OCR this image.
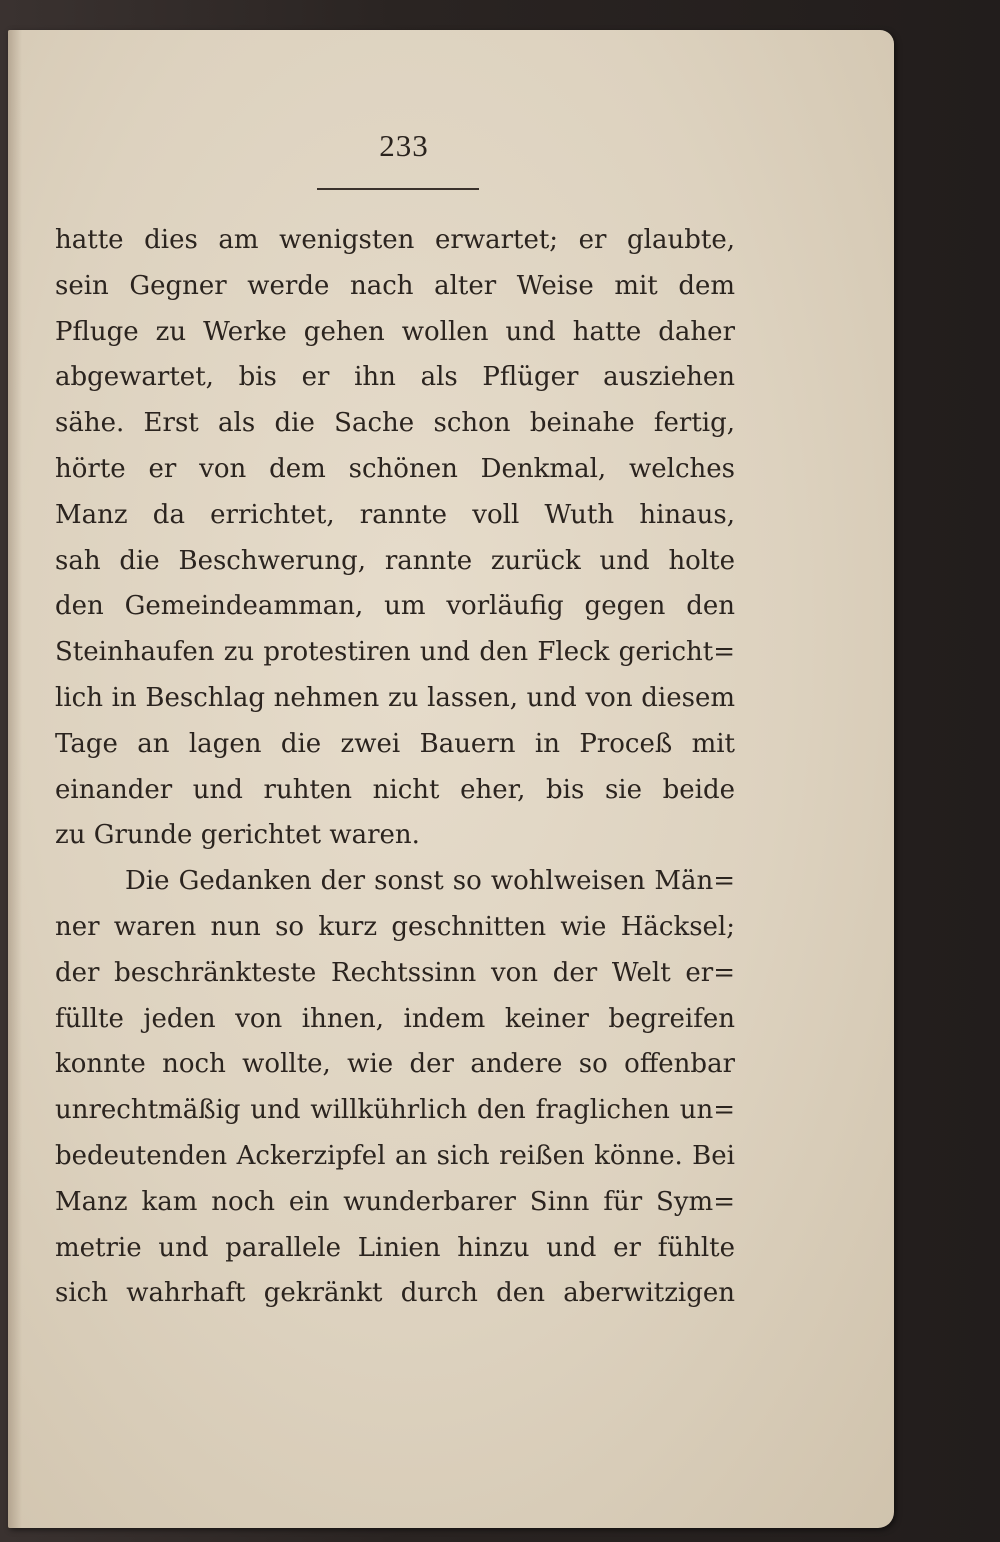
233
hatte dies am wenigsten erwartet; er glaubte,
sein Gegner werde nach alter Weise mit dem
Pfluge zu Werke gehen wollen und hatte daher
abgewartet, bis er ihn als Pflüger ausziehen
sähe. Erst als die Sache schon beinahe fertig,
hörte er von dem schönen Denkmal, welches
Manz da errichtet, rannte voll Wuth hinaus,
sah die Beschwerung, rannte zurück und holte
den Gemeindeamman, um vorläufig gegen den
Steinhaufen zu protestiren und den Fleck gericht=
lich in Beschlag nehmen zu lassen, und von diesem
Tage an lagen die zwei Bauern in Proceß mit
einander und ruhten nicht eher, bis sie beide
zu Grunde gerichtet waren.
Die Gedanken der sonst so wohlweisen Män=
ner waren nun so kurz geschnitten wie Häcksel;
der beschränkteste Rechtssinn von der Welt er=
füllte jeden von ihnen, indem keiner begreifen
konnte noch wollte, wie der andere so offenbar
unrechtmäßig und willkührlich den fraglichen un=
bedeutenden Ackerzipfel an sich reißen könne. Bei
Manz kam noch ein wunderbarer Sinn für Sym=
metrie und parallele Linien hinzu und er fühlte
sich wahrhaft gekränkt durch den aberwitzigen
